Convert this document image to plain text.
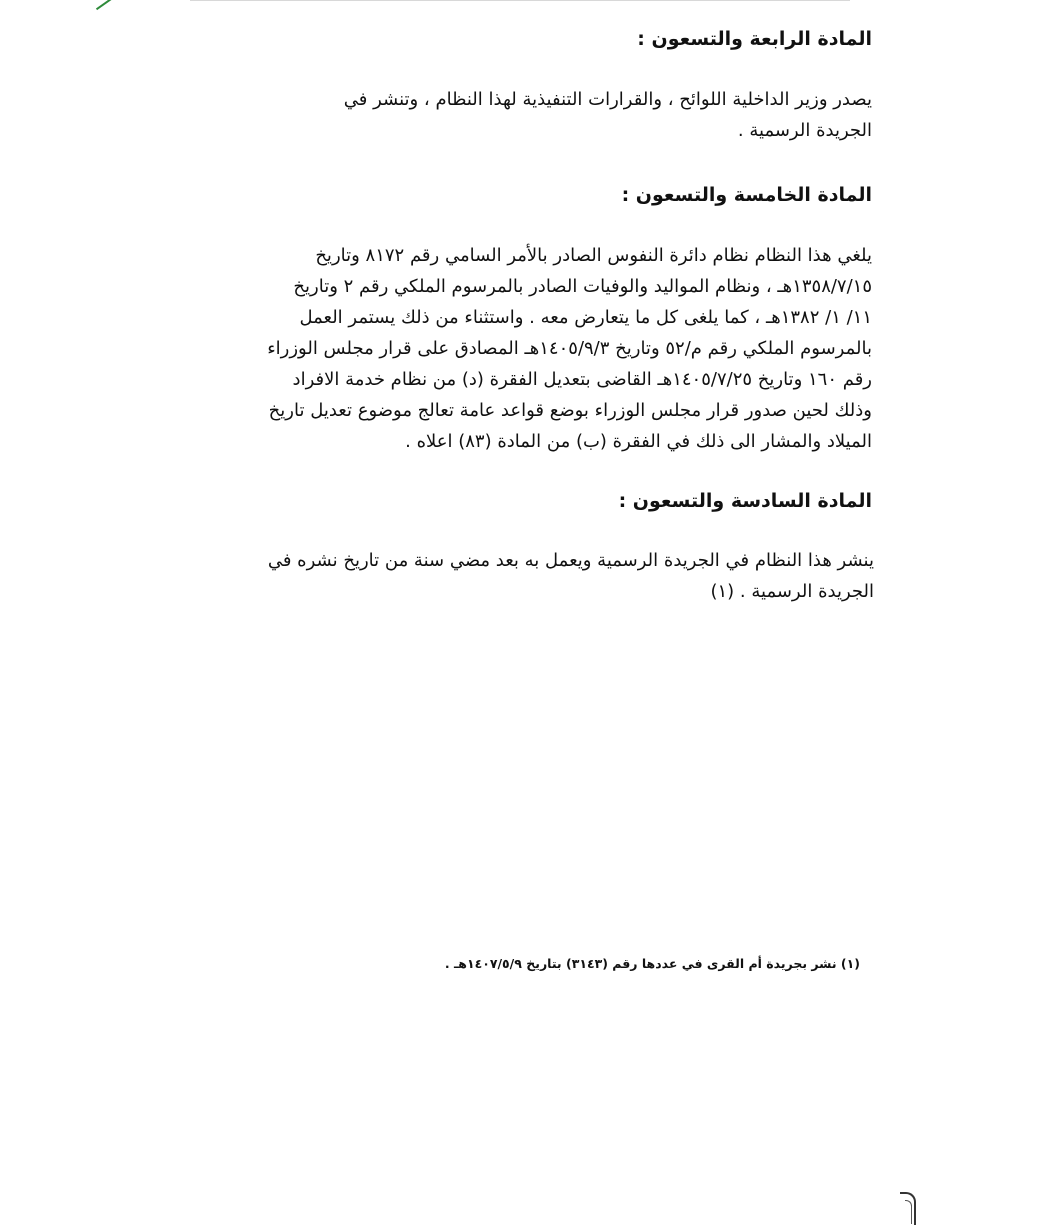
المادة الرابعة والتسعون :

يصدر وزير الداخلية اللوائح ، والقرارات التنفيذية لهذا النظام ، وتنشر في

الجريدة الرسمية .

المادة الخامسة والتسعون :

يلغي هذا النظام نظام دائرة النفوس الصادر بالأمر السامي رقم ٨١٧٢ وتاريخ

١٣٥٨/٧/١٥هـ ، ونظام المواليد والوفيات الصادر بالمرسوم الملكي رقم ٢ وتاريخ

١١/ ١/ ١٣٨٢هـ ، كما يلغى كل ما يتعارض معه . واستثناء من ذلك يستمر العمل

بالمرسوم الملكي رقم م/٥٢ وتاريخ ١٤٠٥/٩/٣هـ المصادق على قرار مجلس الوزراء

رقم ١٦٠ وتاريخ ١٤٠٥/٧/٢٥هـ القاضى بتعديل الفقرة (د) من نظام خدمة الافراد

وذلك لحين صدور قرار مجلس الوزراء بوضع قواعد عامة تعالج موضوع تعديل تاريخ

الميلاد والمشار الى ذلك في الفقرة (ب) من المادة (٨٣) اعلاه .

المادة السادسة والتسعون :

ينشر هذا النظام في الجريدة الرسمية ويعمل به بعد مضي سنة من تاريخ نشره في

الجريدة الرسمية . (١)

(١) نشر بجريدة أم القرى في عددها رقم (٣١٤٣) بتاريخ ١٤٠٧/٥/٩هـ .
